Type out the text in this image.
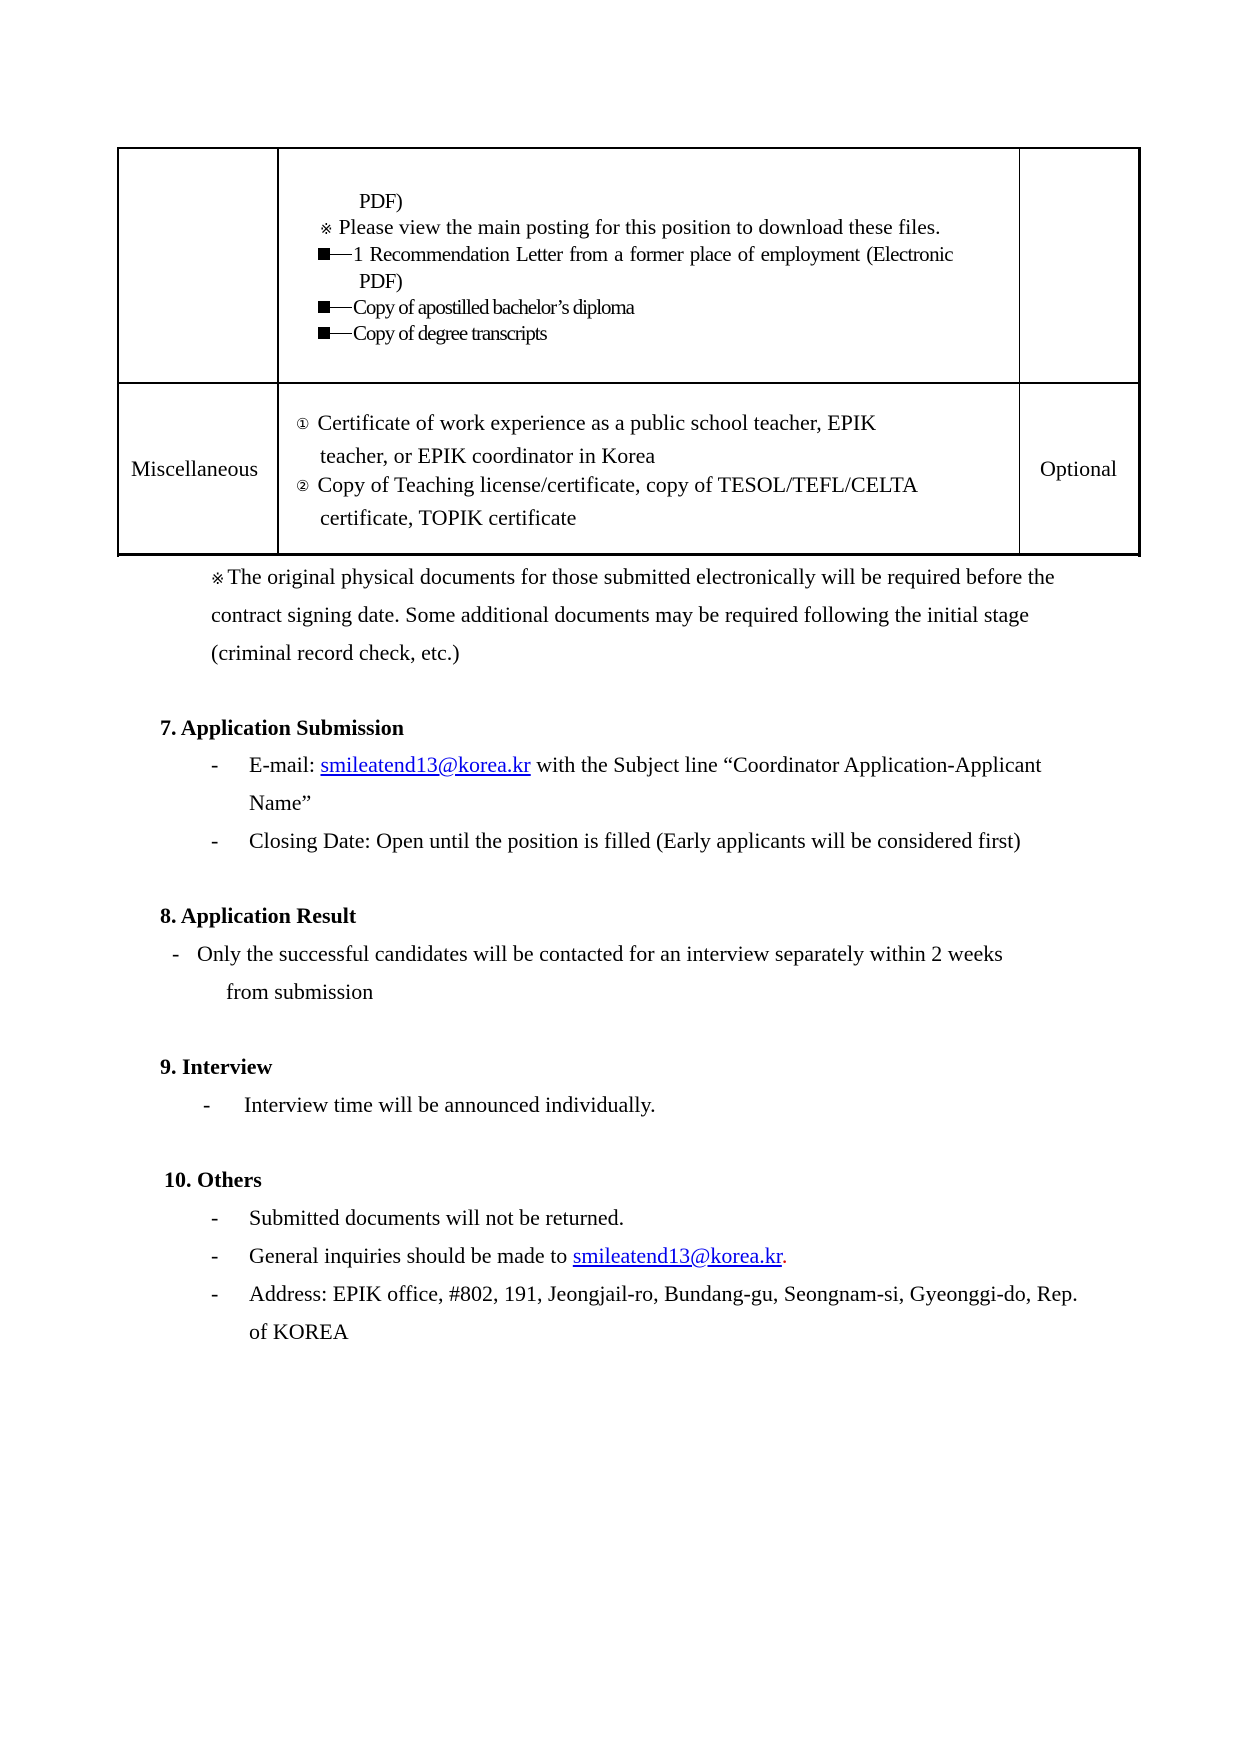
PDF)
※ Please view the main posting for this position to download these files.
1 Recommendation Letter from a former place of employment (Electronic
PDF)
Copy of apostilled bachelor’s diploma
Copy of degree transcripts
Miscellaneous
① Certificate of work experience as a public school teacher, EPIK
teacher, or EPIK coordinator in Korea
② Copy of Teaching license/certificate, copy of TESOL/TEFL/CELTA
certificate, TOPIK certificate
Optional
※ The original physical documents for those submitted electronically will be required before the
contract signing date. Some additional documents may be required following the initial stage
(criminal record check, etc.)
7. Application Submission
- E-mail: smileatend13@korea.kr with the Subject line “Coordinator Application-Applicant
Name”
- Closing Date: Open until the position is filled (Early applicants will be considered first)
8. Application Result
- Only the successful candidates will be contacted for an interview separately within 2 weeks
from submission
9. Interview
- Interview time will be announced individually.
10. Others
- Submitted documents will not be returned.
- General inquiries should be made to smileatend13@korea.kr.
- Address: EPIK office, #802, 191, Jeongjail-ro, Bundang-gu, Seongnam-si, Gyeonggi-do, Rep.
of KOREA
